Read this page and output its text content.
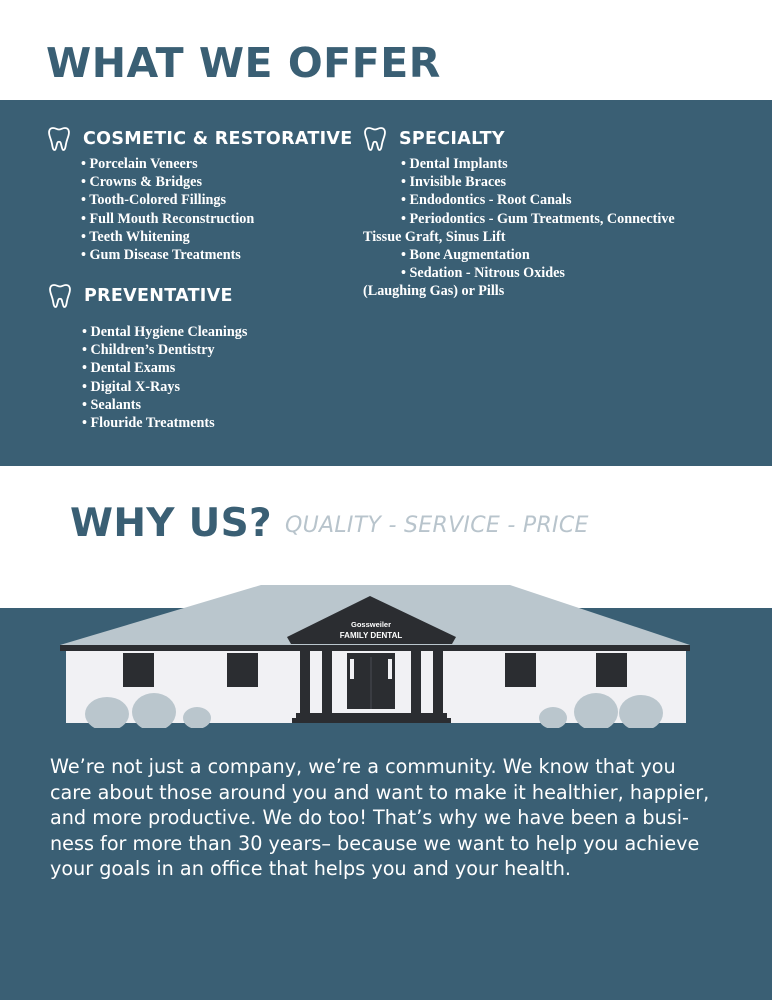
WHAT WE OFFER
COSMETIC & RESTORATIVE
• Porcelain Veneers
• Crowns & Bridges
• Tooth-Colored Fillings
• Full Mouth Reconstruction
• Teeth Whitening
• Gum Disease Treatments
PREVENTATIVE
• Dental Hygiene Cleanings
• Children’s Dentistry
• Dental Exams
• Digital X-Rays
• Sealants
• Flouride Treatments
SPECIALTY
• Dental Implants
• Invisible Braces
• Endodontics - Root Canals
• Periodontics - Gum Treatments, Connective
Tissue Graft, Sinus Lift
• Bone Augmentation
• Sedation - Nitrous Oxides
(Laughing Gas) or Pills
WHY US? QUALITY - SERVICE - PRICE
Gossweiler
FAMILY DENTAL

We’re not just a company, we’re a community. We know that you
care about those around you and want to make it healthier, happier,
and more productive. We do too! That’s why we have been a busi-
ness for more than 30 years– because we want to help you achieve
your goals in an office that helps you and your health.
